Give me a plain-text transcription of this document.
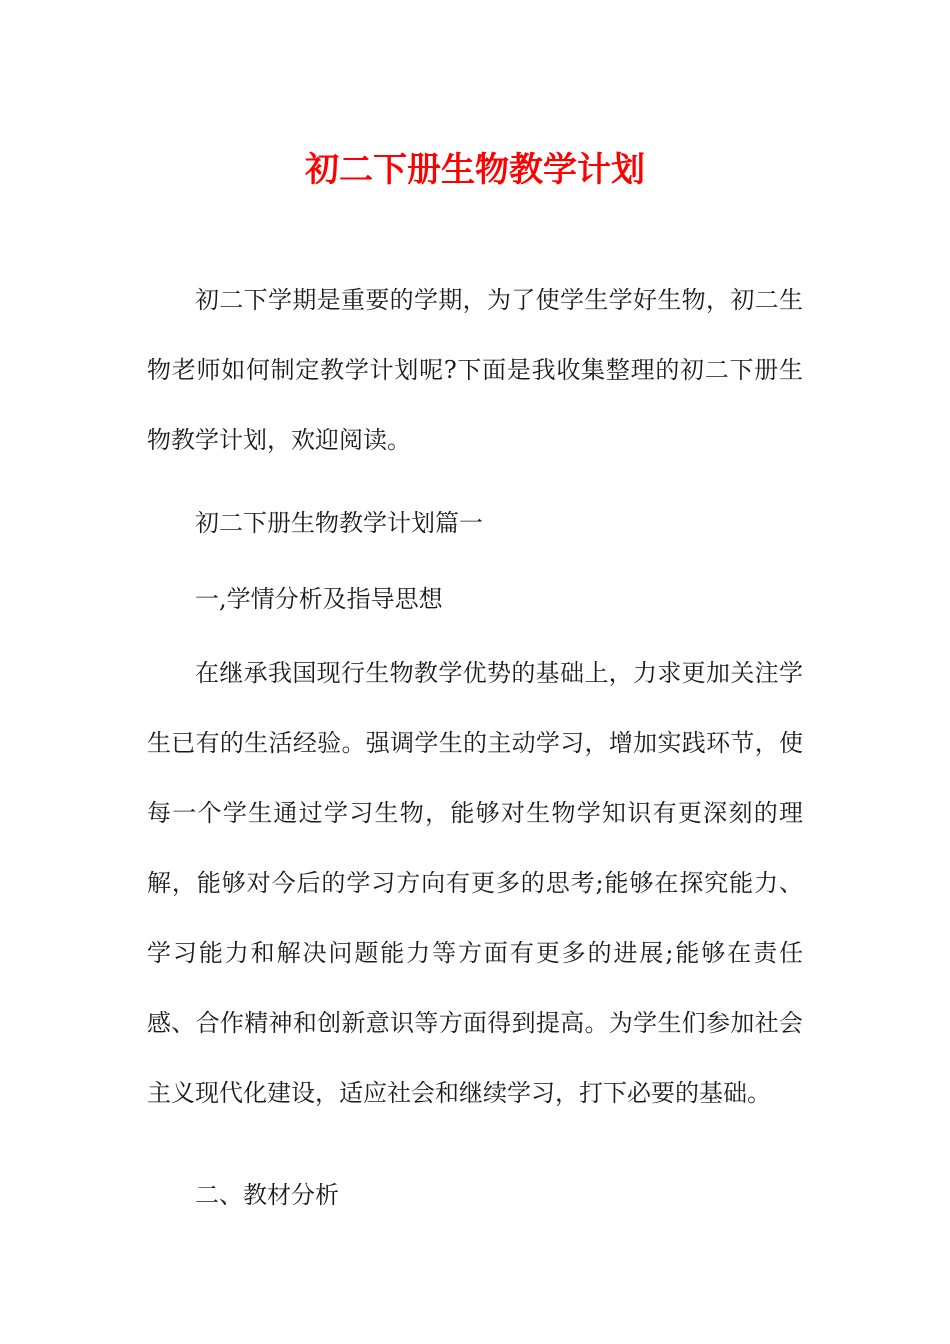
初二下册生物教学计划

初二下学期是重要的学期，为了使学生学好生物，初二生物老师如何制定教学计划呢?下面是我收集整理的初二下册生物教学计划，欢迎阅读。

初二下册生物教学计划篇一

一,学情分析及指导思想

在继承我国现行生物教学优势的基础上，力求更加关注学生已有的生活经验。强调学生的主动学习，增加实践环节，使每一个学生通过学习生物，能够对生物学知识有更深刻的理解，能够对今后的学习方向有更多的思考;能够在探究能力、学习能力和解决问题能力等方面有更多的进展;能够在责任感、合作精神和创新意识等方面得到提高。为学生们参加社会主义现代化建设，适应社会和继续学习，打下必要的基础。

二、教材分析
